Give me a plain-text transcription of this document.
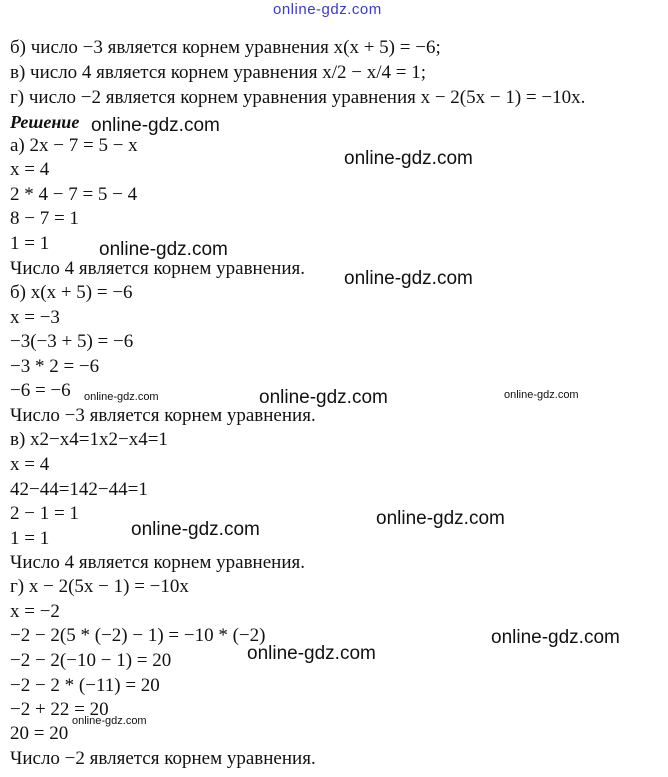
online-gdz.com
б) число −3 является корнем уравнения x(x + 5) = −6;
в) число 4 является корнем уравнения x/2 − x/4 = 1;
г) число −2 является корнем уравнения уравнения x − 2(5x − 1) = −10x.
Решение
а) 2x − 7 = 5 − x
x = 4
2 * 4 − 7 = 5 − 4
8 − 7 = 1
1 = 1
Число 4 является корнем уравнения.
б) x(x + 5) = −6
x = −3
−3(−3 + 5) = −6
−3 * 2 = −6
−6 = −6
Число −3 является корнем уравнения.
в) x2−x4=1x2−x4=1
x = 4
42−44=142−44=1
2 − 1 = 1
1 = 1
Число 4 является корнем уравнения.
г) x − 2(5x − 1) = −10x
x = −2
−2 − 2(5 * (−2) − 1) = −10 * (−2)
−2 − 2(−10 − 1) = 20
−2 − 2 * (−11) = 20
−2 + 22 = 20
20 = 20
Число −2 является корнем уравнения.
online-gdz.com
online-gdz.com
online-gdz.com
online-gdz.com
online-gdz.com	online-gdz.com	online-gdz.com
online-gdz.com
online-gdz.com
online-gdz.com
online-gdz.com
online-gdz.com
